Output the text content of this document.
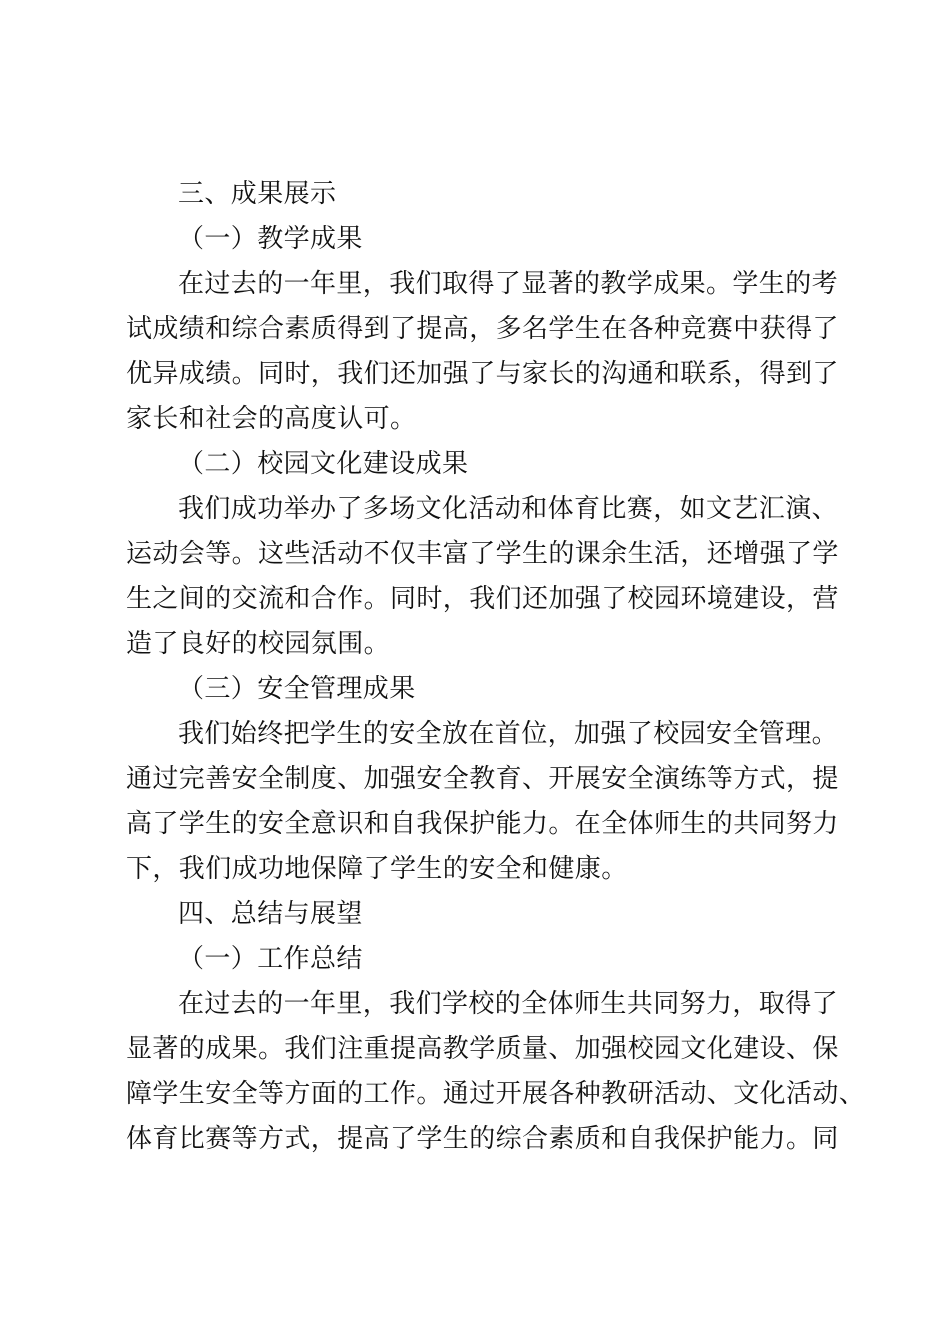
三、成果展示
（一）教学成果
在过去的一年里，我们取得了显著的教学成果。学生的考
试成绩和综合素质得到了提高，多名学生在各种竞赛中获得了
优异成绩。同时，我们还加强了与家长的沟通和联系，得到了
家长和社会的高度认可。
（二）校园文化建设成果
我们成功举办了多场文化活动和体育比赛，如文艺汇演、
运动会等。这些活动不仅丰富了学生的课余生活，还增强了学
生之间的交流和合作。同时，我们还加强了校园环境建设，营
造了良好的校园氛围。
（三）安全管理成果
我们始终把学生的安全放在首位，加强了校园安全管理。
通过完善安全制度、加强安全教育、开展安全演练等方式，提
高了学生的安全意识和自我保护能力。在全体师生的共同努力
下，我们成功地保障了学生的安全和健康。
四、总结与展望
（一）工作总结
在过去的一年里，我们学校的全体师生共同努力，取得了
显著的成果。我们注重提高教学质量、加强校园文化建设、保
障学生安全等方面的工作。通过开展各种教研活动、文化活动、
体育比赛等方式，提高了学生的综合素质和自我保护能力。同
